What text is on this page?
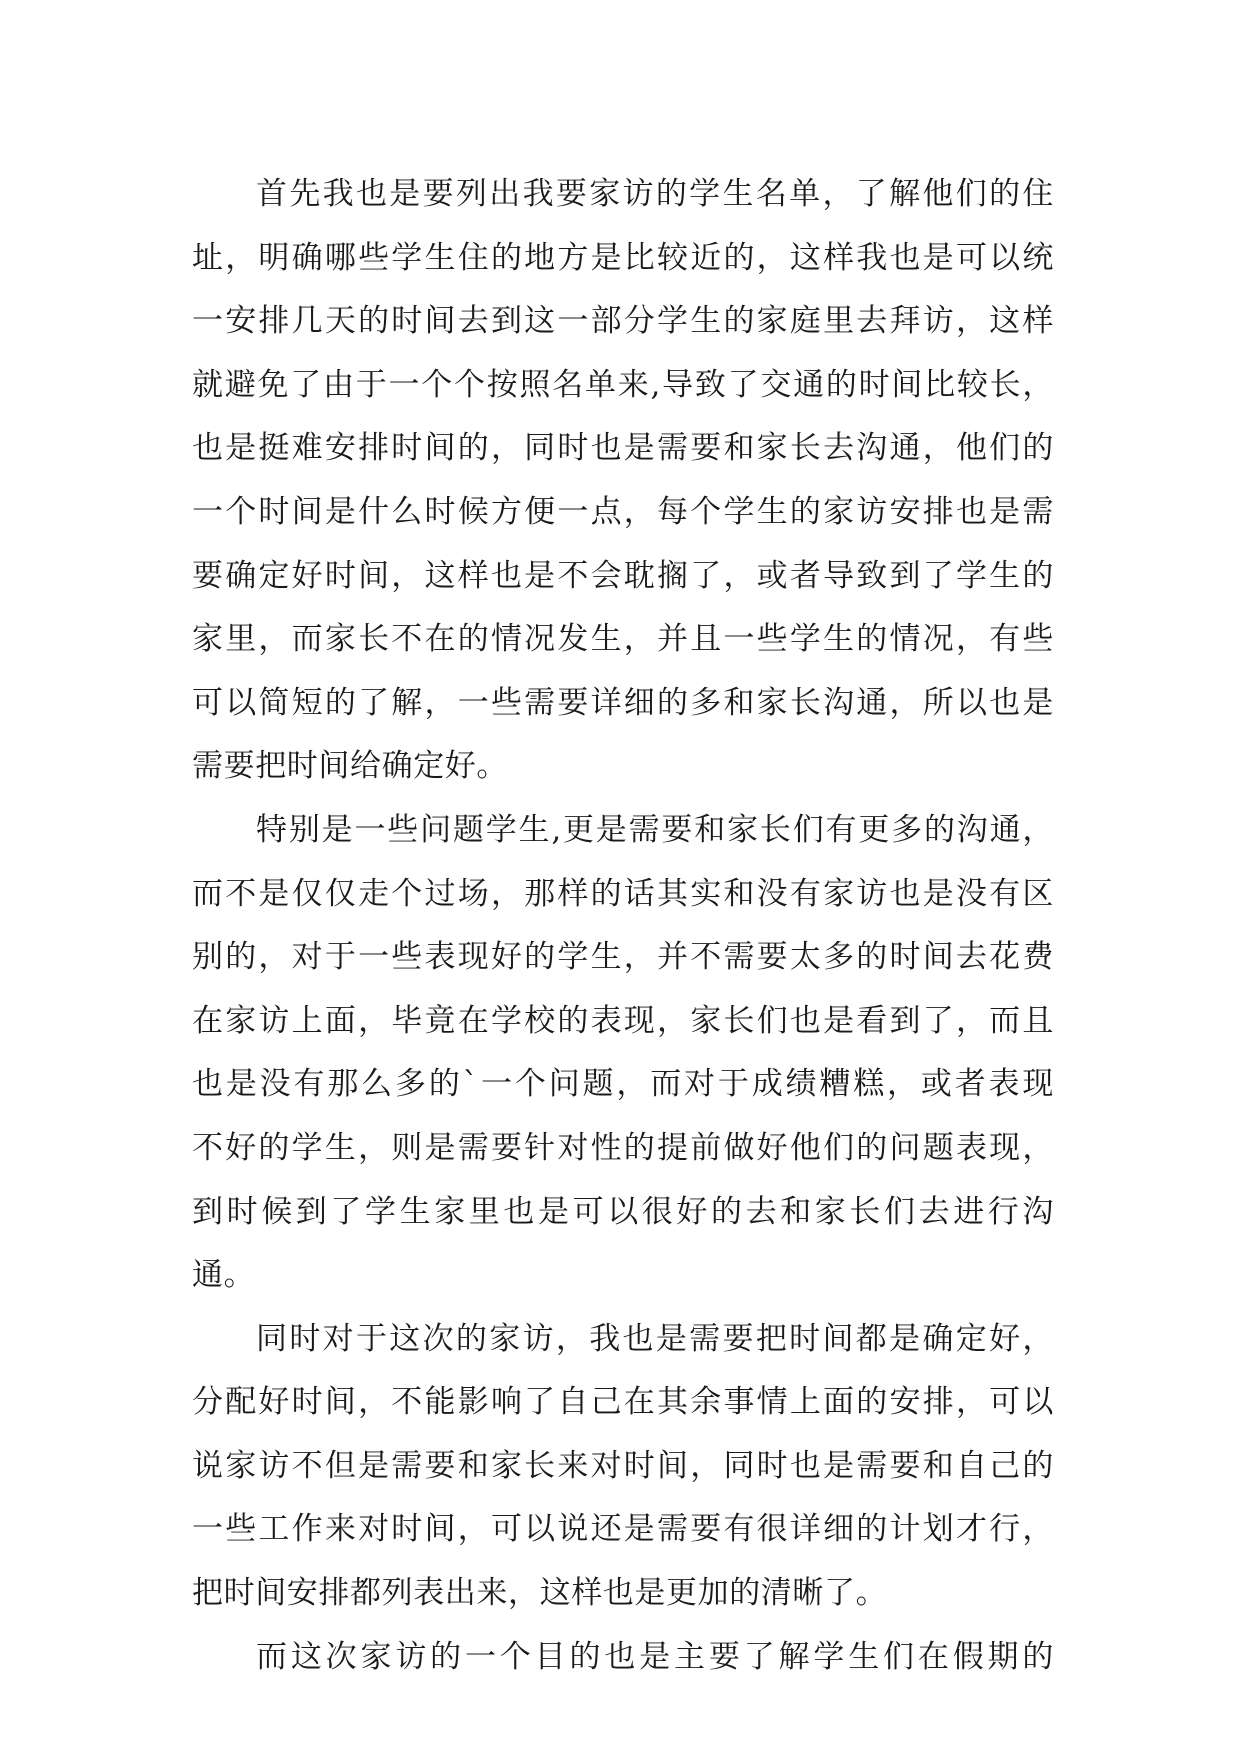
首先我也是要列出我要家访的学生名单，了解他们的住
址，明确哪些学生住的地方是比较近的，这样我也是可以统
一安排几天的时间去到这一部分学生的家庭里去拜访，这样
就避免了由于一个个按照名单来,导致了交通的时间比较长，
也是挺难安排时间的，同时也是需要和家长去沟通，他们的
一个时间是什么时候方便一点，每个学生的家访安排也是需
要确定好时间，这样也是不会耽搁了，或者导致到了学生的
家里，而家长不在的情况发生，并且一些学生的情况，有些
可以简短的了解，一些需要详细的多和家长沟通，所以也是
需要把时间给确定好。
特别是一些问题学生,更是需要和家长们有更多的沟通，
而不是仅仅走个过场，那样的话其实和没有家访也是没有区
别的，对于一些表现好的学生，并不需要太多的时间去花费
在家访上面，毕竟在学校的表现，家长们也是看到了，而且
也是没有那么多的`一个问题，而对于成绩糟糕，或者表现
不好的学生，则是需要针对性的提前做好他们的问题表现，
到时候到了学生家里也是可以很好的去和家长们去进行沟
通。
同时对于这次的家访，我也是需要把时间都是确定好，
分配好时间，不能影响了自己在其余事情上面的安排，可以
说家访不但是需要和家长来对时间，同时也是需要和自己的
一些工作来对时间，可以说还是需要有很详细的计划才行，
把时间安排都列表出来，这样也是更加的清晰了。
而这次家访的一个目的也是主要了解学生们在假期的
